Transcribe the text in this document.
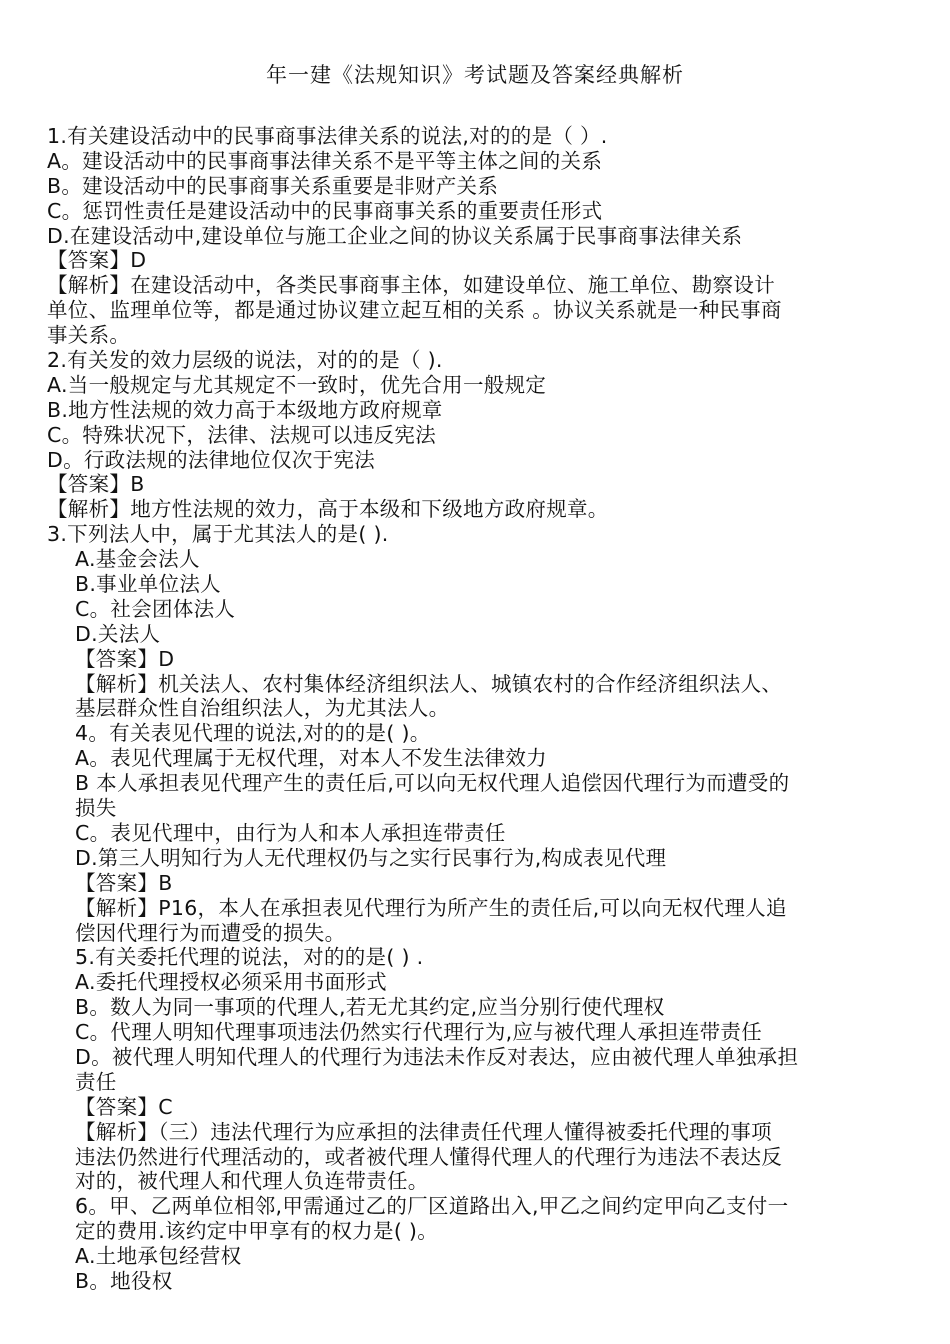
年一建《法规知识》考试题及答案经典解析
1.有关建设活动中的民事商事法律关系的说法,对的的是（ ）.
A。建设活动中的民事商事法律关系不是平等主体之间的关系
B。建设活动中的民事商事关系重要是非财产关系
C。惩罚性责任是建设活动中的民事商事关系的重要责任形式
D.在建设活动中,建设单位与施工企业之间的协议关系属于民事商事法律关系
【答案】D
【解析】在建设活动中，各类民事商事主体，如建设单位、施工单位、勘察设计
单位、监理单位等，都是通过协议建立起互相的关系 。协议关系就是一种民事商
事关系。
2.有关发的效力层级的说法，对的的是（ ).
A.当一般规定与尤其规定不一致时，优先合用一般规定
B.地方性法规的效力高于本级地方政府规章
C。特殊状况下，法律、法规可以违反宪法
D。行政法规的法律地位仅次于宪法
【答案】B
【解析】地方性法规的效力，高于本级和下级地方政府规章。
3.下列法人中，属于尤其法人的是( ).
A.基金会法人
B.事业单位法人
C。社会团体法人
D.关法人
【答案】D
【解析】机关法人、农村集体经济组织法人、城镇农村的合作经济组织法人、
基层群众性自治组织法人，为尤其法人。
4。有关表见代理的说法,对的的是( )。
A。表见代理属于无权代理，对本人不发生法律效力
B 本人承担表见代理产生的责任后,可以向无权代理人追偿因代理行为而遭受的
损失
C。表见代理中，由行为人和本人承担连带责任
D.第三人明知行为人无代理权仍与之实行民事行为,构成表见代理
【答案】B
【解析】P16，本人在承担表见代理行为所产生的责任后,可以向无权代理人追
偿因代理行为而遭受的损失。
5.有关委托代理的说法，对的的是( ) .
A.委托代理授权必须采用书面形式
B。数人为同一事项的代理人,若无尤其约定,应当分别行使代理权
C。代理人明知代理事项违法仍然实行代理行为,应与被代理人承担连带责任
D。被代理人明知代理人的代理行为违法未作反对表达，应由被代理人单独承担
责任
【答案】C
【解析】（三）违法代理行为应承担的法律责任代理人懂得被委托代理的事项
违法仍然进行代理活动的，或者被代理人懂得代理人的代理行为违法不表达反
对的，被代理人和代理人负连带责任。
6。甲、乙两单位相邻,甲需通过乙的厂区道路出入,甲乙之间约定甲向乙支付一
定的费用.该约定中甲享有的权力是( )。
A.土地承包经营权
B。地役权
